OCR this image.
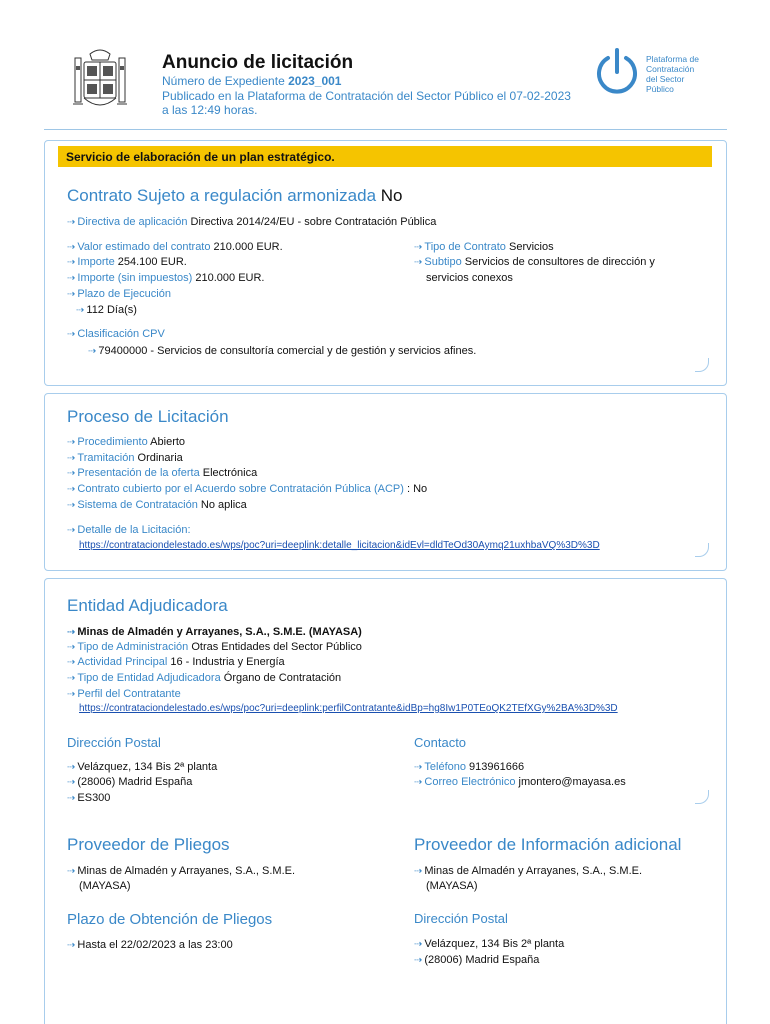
Anuncio de licitación
Número de Expediente 2023_001
Publicado en la Plataforma de Contratación del Sector Público el 07-02-2023
a las 12:49 horas.
Plataforma de
Contratación
del Sector
Público
Servicio de elaboración de un plan estratégico.
Contrato Sujeto a regulación armonizada No
⇢ Directiva de aplicación Directiva 2014/24/EU - sobre Contratación Pública
⇢ Valor estimado del contrato 210.000 EUR.
⇢ Importe 254.100 EUR.
⇢ Importe (sin impuestos) 210.000 EUR.
⇢ Plazo de Ejecución
⇢ 112 Día(s)
⇢ Tipo de Contrato Servicios
⇢ Subtipo Servicios de consultores de dirección y
servicios conexos
⇢ Clasificación CPV
⇢ 79400000 - Servicios de consultoría comercial y de gestión y servicios afines.
Proceso de Licitación
⇢ Procedimiento Abierto
⇢ Tramitación Ordinaria
⇢ Presentación de la oferta Electrónica
⇢ Contrato cubierto por el Acuerdo sobre Contratación Pública (ACP) : No
⇢ Sistema de Contratación No aplica
⇢ Detalle de la Licitación:
https://contrataciondelestado.es/wps/poc?uri=deeplink:detalle_licitacion&idEvl=dldTeOd30Aymq21uxhbaVQ%3D%3D
Entidad Adjudicadora
⇢ Minas de Almadén y Arrayanes, S.A., S.M.E. (MAYASA)
⇢ Tipo de Administración Otras Entidades del Sector Público
⇢ Actividad Principal 16 - Industria y Energía
⇢ Tipo de Entidad Adjudicadora Órgano de Contratación
⇢ Perfil del Contratante
https://contrataciondelestado.es/wps/poc?uri=deeplink:perfilContratante&idBp=hg8Iw1P0TEoQK2TEfXGy%2BA%3D%3D
Dirección Postal
⇢ Velázquez, 134 Bis 2ª planta
⇢ (28006) Madrid España
⇢ ES300
Contacto
⇢ Teléfono 913961666
⇢ Correo Electrónico jmontero@mayasa.es
Proveedor de Pliegos
⇢ Minas de Almadén y Arrayanes, S.A., S.M.E.
(MAYASA)
Plazo de Obtención de Pliegos
⇢ Hasta el 22/02/2023 a las 23:00
Proveedor de Información adicional
⇢ Minas de Almadén y Arrayanes, S.A., S.M.E.
(MAYASA)
Dirección Postal
⇢ Velázquez, 134 Bis 2ª planta
⇢ (28006) Madrid España
